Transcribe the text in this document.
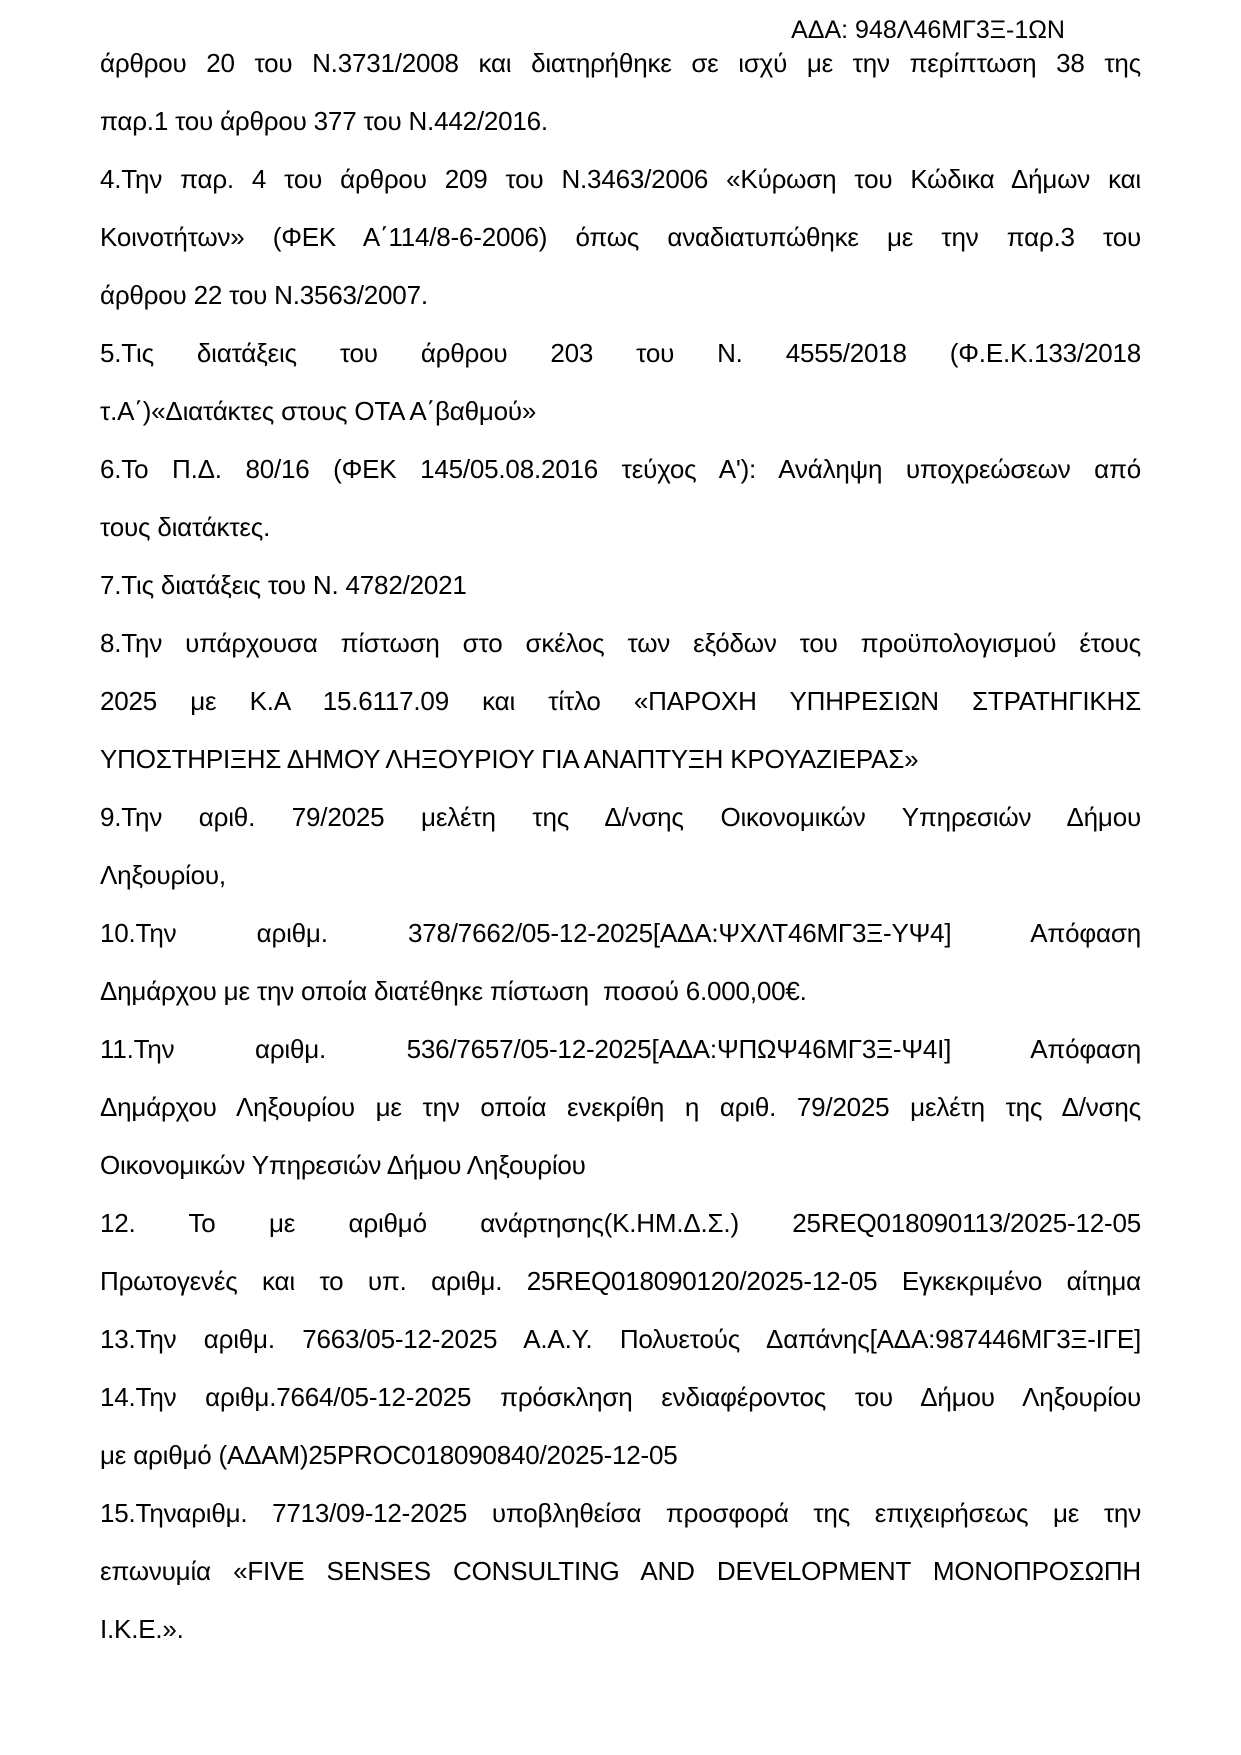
ΑΔΑ: 948Λ46ΜΓ3Ξ-1ΩΝ
άρθρου 20 του Ν.3731/2008 και διατηρήθηκε σε ισχύ με την περίπτωση 38 της
παρ.1 του άρθρου 377 του Ν.442/2016.
4.Την παρ. 4 του άρθρου 209 του Ν.3463/2006 «Κύρωση του Κώδικα Δήμων και
Κοινοτήτων» (ΦΕΚ Α΄114/8-6-2006) όπως αναδιατυπώθηκε με την παρ.3 του
άρθρου 22 του Ν.3563/2007.
5.Τις διατάξεις του άρθρου 203 του Ν. 4555/2018 (Φ.Ε.Κ.133/2018
τ.Α΄)«Διατάκτες στους ΟΤΑ Α΄βαθμού»
6.Το Π.Δ. 80/16 (ΦΕΚ 145/05.08.2016 τεύχος Α'): Ανάληψη υποχρεώσεων από
τους διατάκτες.
7.Τις διατάξεις του Ν. 4782/2021
8.Την υπάρχουσα πίστωση στο σκέλος των εξόδων του προϋπολογισμού έτους
2025 με Κ.Α 15.6117.09 και τίτλο «ΠΑΡΟΧΗ ΥΠΗΡΕΣΙΩΝ ΣΤΡΑΤΗΓΙΚΗΣ
ΥΠΟΣΤΗΡΙΞΗΣ ΔΗΜΟΥ ΛΗΞΟΥΡΙΟΥ ΓΙΑ ΑΝΑΠΤΥΞΗ ΚΡΟΥΑΖΙΕΡΑΣ»
9.Την αριθ. 79/2025 μελέτη της Δ/νσης Οικονομικών Υπηρεσιών Δήμου
Ληξουρίου,
10.Την αριθμ. 378/7662/05-12-2025[ΑΔΑ:ΨΧΛΤ46ΜΓ3Ξ-ΥΨ4] Απόφαση
Δημάρχου με την οποία διατέθηκε πίστωση  ποσού 6.000,00€.
11.Την αριθμ. 536/7657/05-12-2025[ΑΔΑ:ΨΠΩΨ46ΜΓ3Ξ-Ψ4Ι] Απόφαση
Δημάρχου Ληξουρίου με την οποία ενεκρίθη η αριθ. 79/2025 μελέτη της Δ/νσης
Οικονομικών Υπηρεσιών Δήμου Ληξουρίου
12. Το με αριθμό ανάρτησης(Κ.ΗΜ.Δ.Σ.) 25REQ018090113/2025-12-05
Πρωτογενές και το υπ. αριθμ. 25REQ018090120/2025-12-05 Εγκεκριμένο αίτημα
13.Την αριθμ. 7663/05-12-2025 Α.Α.Υ. Πολυετούς Δαπάνης[ΑΔΑ:987446ΜΓ3Ξ-ΙΓΕ]
14.Την αριθμ.7664/05-12-2025 πρόσκληση ενδιαφέροντος του Δήμου Ληξουρίου
με αριθμό (ΑΔΑΜ)25PROC018090840/2025-12-05
15.Τηναριθμ. 7713/09-12-2025 υποβληθείσα προσφορά της επιχειρήσεως με την
επωνυμία «FIVE SENSES CONSULTING AND DEVELOPMENT ΜΟΝΟΠΡΟΣΩΠΗ
Ι.Κ.Ε.».
